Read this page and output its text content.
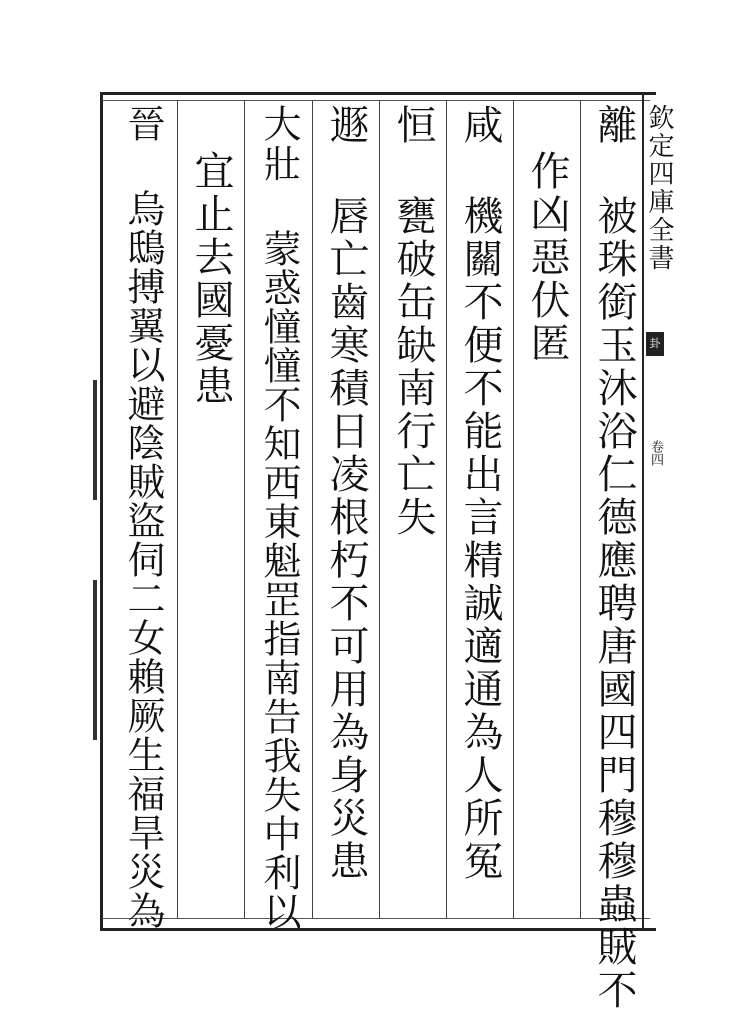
欽定四庫全書
卦
卷四
離 被珠銜玉沐浴仁德應聘唐國四門穆穆蟲賊不
作凶惡伏匿
咸 機關不便不能出言精誠適通為人所冤
恒 甕破缶缺南行亡失
遯 唇亡齒寒積日凌根朽不可用為身災患
大壯 蒙惑憧憧不知西東魁罡指南告我失中利以
宜止去國憂患
晉 烏鴟搏翼以避陰賊盜伺二女賴厥生福旱災為
